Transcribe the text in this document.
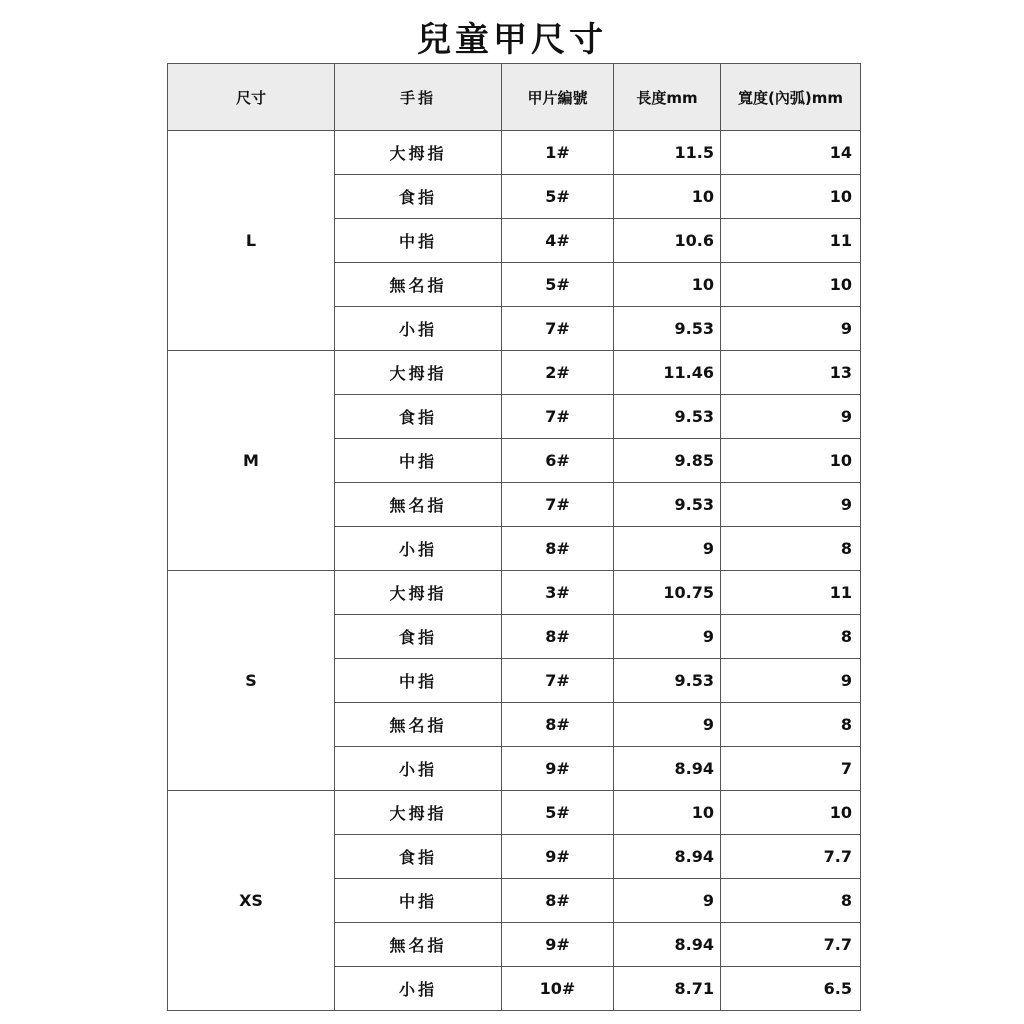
兒童甲尺寸
尺寸	手指	甲片編號	長度mm	寬度(內弧)mm
L	大拇指	1#	11.5	14
	食指	5#	10	10
	中指	4#	10.6	11
	無名指	5#	10	10
	小指	7#	9.53	9
M	大拇指	2#	11.46	13
	食指	7#	9.53	9
	中指	6#	9.85	10
	無名指	7#	9.53	9
	小指	8#	9	8
S	大拇指	3#	10.75	11
	食指	8#	9	8
	中指	7#	9.53	9
	無名指	8#	9	8
	小指	9#	8.94	7
XS	大拇指	5#	10	10
	食指	9#	8.94	7.7
	中指	8#	9	8
	無名指	9#	8.94	7.7
	小指	10#	8.71	6.5
